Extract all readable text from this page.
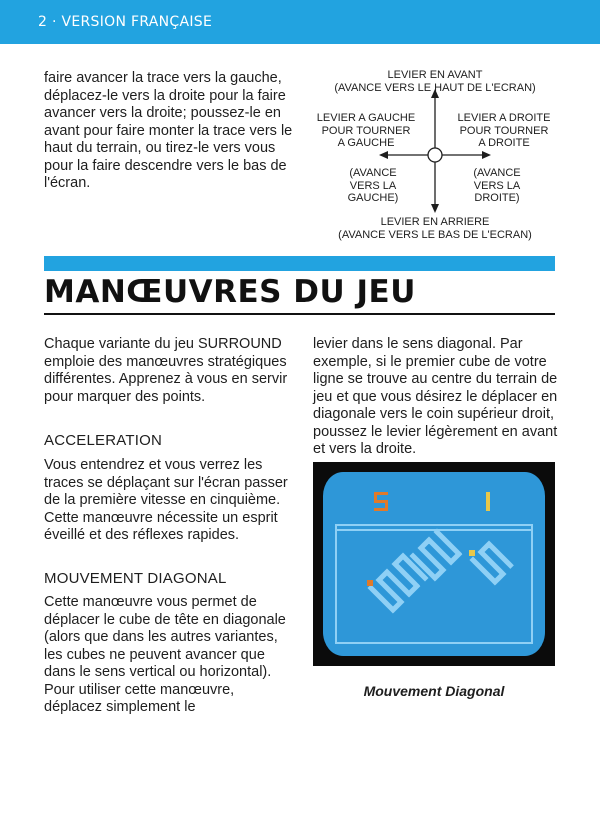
2 · VERSION FRANÇAISE

faire avancer la trace vers la gauche, déplacez-le vers la droite pour la faire avancer vers la droite; poussez-le en avant pour faire monter la trace vers le haut du terrain, ou tirez-le vers vous pour la faire descendre vers le bas de l'écran.

LEVIER EN AVANT
(AVANCE VERS LE HAUT DE L'ECRAN)
LEVIER A GAUCHE
POUR TOURNER
A GAUCHE
LEVIER A DROITE
POUR TOURNER
A DROITE
(AVANCE
VERS LA
GAUCHE)
(AVANCE
VERS LA
DROITE)
LEVIER EN ARRIERE
(AVANCE VERS LE BAS DE L'ECRAN)
MANŒUVRES DU JEU

Chaque variante du jeu SURROUND emploie des manœuvres stratégiques différentes. Apprenez à vous en servir pour marquer des points.

ACCELERATION

Vous entendrez et vous verrez les traces se déplaçant sur l'écran passer de la première vitesse en cinquième. Cette manœuvre nécessite un esprit éveillé et des réflexes rapides.

MOUVEMENT DIAGONAL

Cette manœuvre vous permet de déplacer le cube de tête en diagonale (alors que dans les autres variantes, les cubes ne peuvent avancer que dans le sens vertical ou horizontal). Pour utiliser cette manœuvre, déplacez simplement le

levier dans le sens diagonal. Par exemple, si le premier cube de votre ligne se trouve au centre du terrain de jeu et que vous désirez le déplacer en diagonale vers le coin supérieur droit, poussez le levier légèrement en avant et vers la droite.

Mouvement Diagonal
